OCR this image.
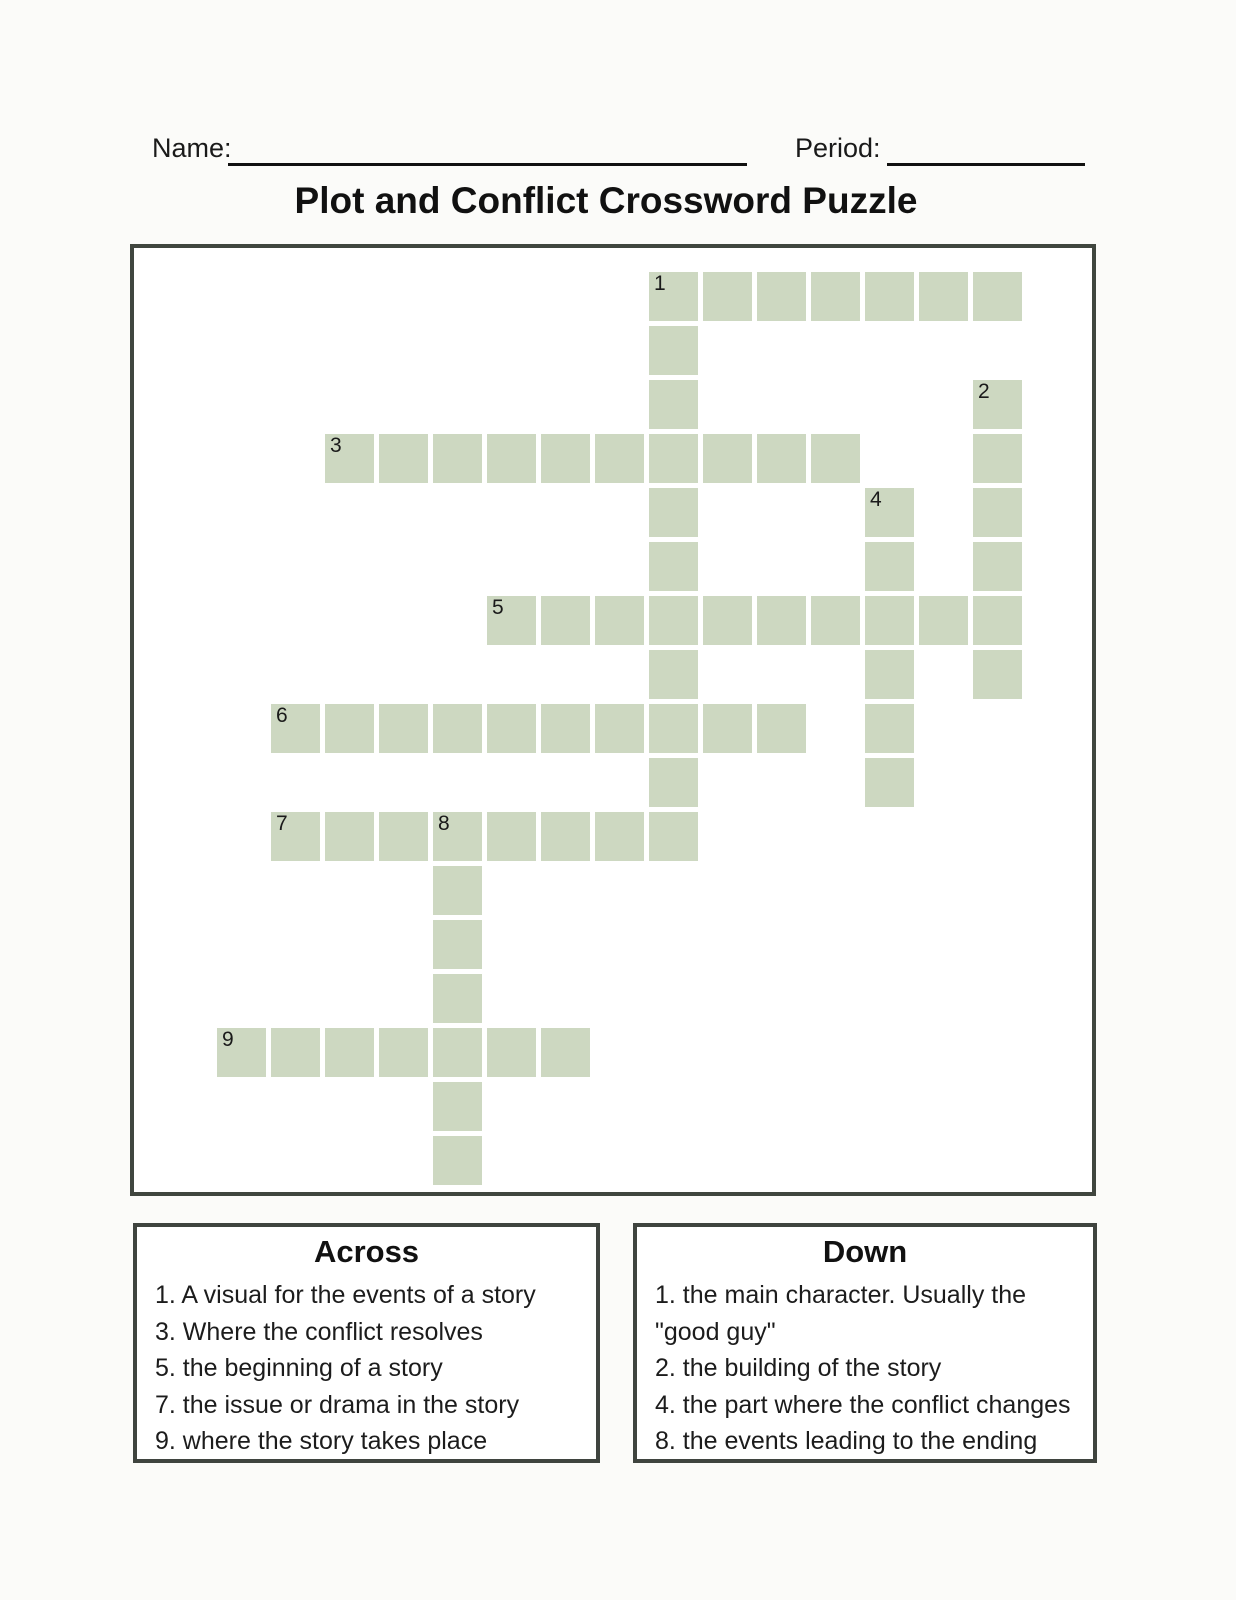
Name:	Period:
Plot and Conflict Crossword Puzzle
1
3
5
6
7	8
9
2
4
Across
1. A visual for the events of a story
3. Where the conflict resolves
5. the beginning of a story
7. the issue or drama in the story
9. where the story takes place
Down
1. the main character. Usually the
"good guy"
2. the building of the story
4. the part where the conflict changes
8. the events leading to the ending
